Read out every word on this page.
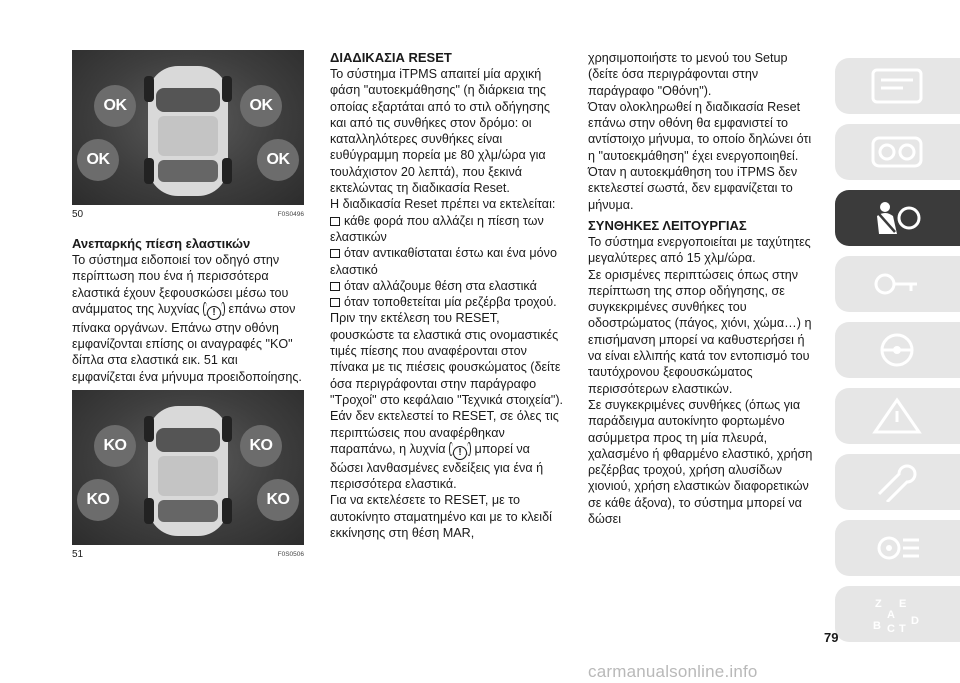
OK	OK
OK	OK
50	F0S0496
Ανεπαρκής πίεση ελαστικών

Το σύστημα ειδοποιεί τον οδηγό στην περίπτωση που ένα ή περισσότερα ελαστικά έχουν ξεφουσκώσει μέσω του ανάμματος της λυχνίας ! επάνω στον πίνακα οργάνων. Επάνω στην οθόνη εμφανίζονται επίσης οι αναγραφές "KO" δίπλα στα ελαστικά εικ. 51 και εμφανίζεται ένα μήνυμα προειδοποίησης.

KO	KO
KO	KO
51	F0S0506
ΔΙΑΔΙΚΑΣΙΑ RESET

Το σύστημα iTPMS απαιτεί μία αρχική φάση "αυτοεκμάθησης" (η διάρκεια της οποίας εξαρτάται από το στιλ οδήγησης και από τις συνθήκες στον δρόμο: οι καταλληλότερες συνθήκες είναι ευθύγραμμη πορεία με 80 χλμ/ώρα για τουλάχιστον 20 λεπτά), που ξεκινά εκτελώντας τη διαδικασία Reset.

Η διαδικασία Reset πρέπει να εκτελείται:

κάθε φορά που αλλάζει η πίεση των ελαστικών
όταν αντικαθίσταται έστω και ένα μόνο ελαστικό
όταν αλλάζουμε θέση στα ελαστικά
όταν τοποθετείται μία ρεζέρβα τροχού. Πριν την εκτέλεση του RESET, φουσκώστε τα ελαστικά στις ονομαστικές τιμές πίεσης που αναφέρονται στον πίνακα με τις πιέσεις φουσκώματος (δείτε όσα περιγράφονται στην παράγραφο "Τροχοί" στο κεφάλαιο "Τεχνικά στοιχεία").

Εάν δεν εκτελεστεί το RESET, σε όλες τις περιπτώσεις που αναφέρθηκαν παραπάνω, η λυχνία ! μπορεί να δώσει λανθασμένες ενδείξεις για ένα ή περισσότερα ελαστικά.

Για να εκτελέσετε το RESET, με το αυτοκίνητο σταματημένο και με το κλειδί εκκίνησης στη θέση MAR,

χρησιμοποιήστε το μενού του Setup (δείτε όσα περιγράφονται στην παράγραφο "Οθόνη").

Όταν ολοκληρωθεί η διαδικασία Reset επάνω στην οθόνη θα εμφανιστεί το αντίστοιχο μήνυμα, το οποίο δηλώνει ότι η "αυτοεκμάθηση" έχει ενεργοποιηθεί.

Όταν η αυτοεκμάθηση του iTPMS δεν εκτελεστεί σωστά, δεν εμφανίζεται το μήνυμα.

ΣΥΝΘΗΚΕΣ ΛΕΙΤΟΥΡΓΙΑΣ

Το σύστημα ενεργοποιείται με ταχύτητες μεγαλύτερες από 15 χλμ/ώρα.

Σε ορισμένες περιπτώσεις όπως στην περίπτωση της σπορ οδήγησης, σε συγκεκριμένες συνθήκες του οδοστρώματος (πάγος, χιόνι, χώμα…) η επισήμανση μπορεί να καθυστερήσει ή να είναι ελλιπής κατά τον εντοπισμό του ταυτόχρονου ξεφουσκώματος περισσότερων ελαστικών.

Σε συγκεκριμένες συνθήκες (όπως για παράδειγμα αυτοκίνητο φορτωμένο ασύμμετρα προς τη μία πλευρά, χαλασμένο ή φθαρμένο ελαστικό, χρήση ρεζέρβας τροχού, χρήση αλυσίδων χιονιού, χρήση ελαστικών διαφορετικών σε κάθε άξονα), το σύστημα μπορεί να δώσει

Z E
A
B C T
D
79
carmanualsonline.info
